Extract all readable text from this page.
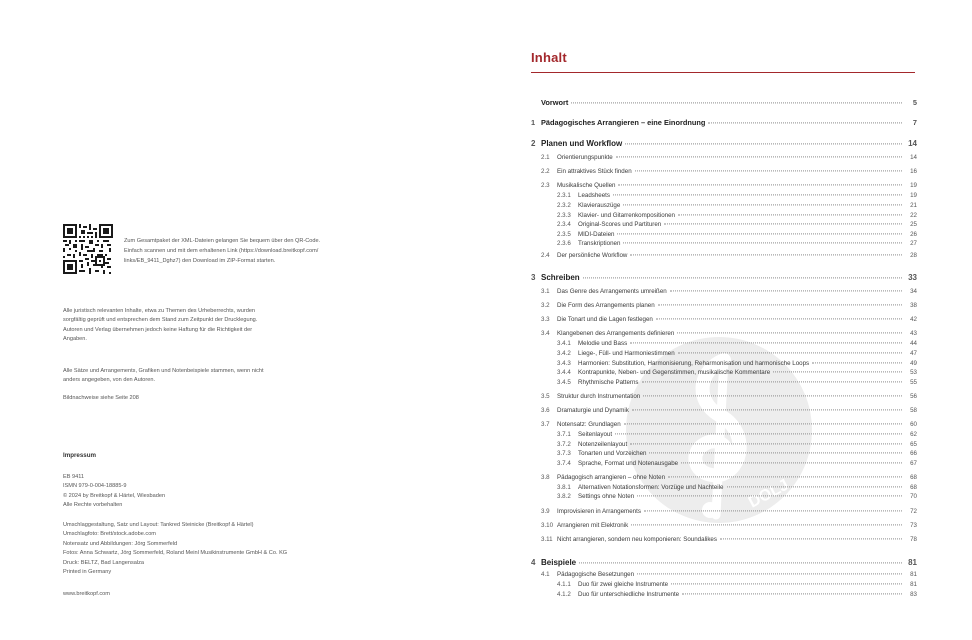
Zum Gesamtpaket der XML-Dateien gelangen Sie bequem über den QR-Code.
Einfach scannen und mit dem erhaltenen Link (https://download.breitkopf.com/
links/EB_9411_Dghz7) den Download im ZIP-Format starten.
Alle juristisch relevanten Inhalte, etwa zu Themen des Urheberrechts, wurden
sorgfältig geprüft und entsprechen dem Stand zum Zeitpunkt der Drucklegung.
Autoren und Verlag übernehmen jedoch keine Haftung für die Richtigkeit der
Angaben.
Alle Sätze und Arrangements, Grafiken und Notenbeispiele stammen, wenn nicht
anders angegeben, von den Autoren.
Bildnachweise siehe Seite 208
Impressum
EB 9411
ISMN 979-0-004-18885-9
© 2024 by Breitkopf & Härtel, Wiesbaden
Alle Rechte vorbehalten
Umschlaggestaltung, Satz und Layout: Tankred Steinicke (Breitkopf & Härtel)
Umschlagfoto: Brett/stock.adobe.com
Notensatz und Abbildungen: Jörg Sommerfeld
Fotos: Anna Schwartz, Jörg Sommerfeld, Roland Meinl Musikinstrumente GmbH & Co. KG
Druck: BELTZ, Bad Langensalza
Printed in Germany
www.breitkopf.com
DOLJ
Inhalt
Vorwort	5
1 Pädagogisches Arrangieren – eine Einordnung	7
2 Planen und Workflow	14
2.1	Orientierungspunkte	14
2.2	Ein attraktives Stück finden	16
2.3	Musikalische Quellen	19
2.3.1	Leadsheets	19
2.3.2	Klavierauszüge	21
2.3.3	Klavier- und Gitarrenkompositionen	22
2.3.4	Original-Scores und Partituren	25
2.3.5	MIDI-Dateien	26
2.3.6	Transkriptionen	27
2.4	Der persönliche Workflow	28
3 Schreiben	33
3.1	Das Genre des Arrangements umreißen	34
3.2	Die Form des Arrangements planen	38
3.3	Die Tonart und die Lagen festlegen	42
3.4	Klangebenen des Arrangements definieren	43
3.4.1	Melodie und Bass	44
3.4.2	Liege-, Füll- und Harmoniestimmen	47
3.4.3	Harmonien: Substitution, Harmonisierung, Reharmonisation und harmonische Loops	49
3.4.4	Kontrapunkte, Neben- und Gegenstimmen, musikalische Kommentare	53
3.4.5	Rhythmische Patterns	55
3.5	Struktur durch Instrumentation	56
3.6	Dramaturgie und Dynamik	58
3.7	Notensatz: Grundlagen	60
3.7.1	Seitenlayout	62
3.7.2	Notenzeilenlayout	65
3.7.3	Tonarten und Vorzeichen	66
3.7.4	Sprache, Format und Notenausgabe	67
3.8	Pädagogisch arrangieren – ohne Noten	68
3.8.1	Alternativen Notationsformen: Vorzüge und Nachteile	68
3.8.2	Settings ohne Noten	70
3.9	Improvisieren in Arrangements	72
3.10 Arrangieren mit Elektronik	73
3.11 Nicht arrangieren, sondern neu komponieren: Soundalikes	78
4 Beispiele	81
4.1	Pädagogische Besetzungen	81
4.1.1	Duo für zwei gleiche Instrumente	81
4.1.2	Duo für unterschiedliche Instrumente	83
